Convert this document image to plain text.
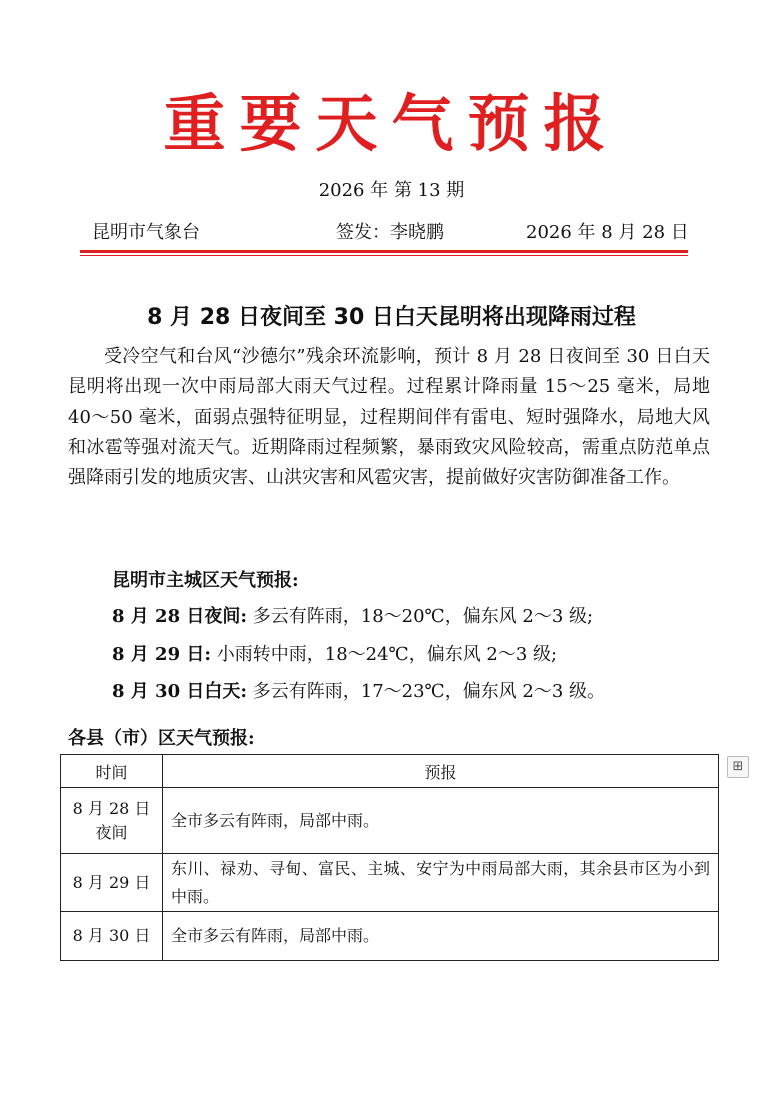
重要天气预报
2026 年 第 13 期
昆明市气象台	签发：李晓鹏	2026 年 8 月 28 日
8 月 28 日夜间至 30 日白天昆明将出现降雨过程
受冷空气和台风“沙德尔”残余环流影响，预计 8 月 28 日夜间至 30 日白天昆明将出现一次中雨局部大雨天气过程。过程累计降雨量 15～25 毫米，局地 40～50 毫米，面弱点强特征明显，过程期间伴有雷电、短时强降水，局地大风和冰雹等强对流天气。近期降雨过程频繁，暴雨致灾风险较高，需重点防范单点强降雨引发的地质灾害、山洪灾害和风雹灾害，提前做好灾害防御准备工作。
昆明市主城区天气预报:
8 月 28 日夜间: 多云有阵雨，18～20℃，偏东风 2～3 级;
8 月 29 日: 小雨转中雨，18～24℃，偏东风 2～3 级;
8 月 30 日白天: 多云有阵雨，17～23℃，偏东风 2～3 级。
各县（市）区天气预报:
时间	预报

8 月 28 日
夜间	全市多云有阵雨，局部中雨。

8 月 29 日	东川、禄劝、寻甸、富民、主城、安宁为中雨局部大雨，其余县市区为小到中雨。

8 月 30 日	全市多云有阵雨，局部中雨。
⊞
